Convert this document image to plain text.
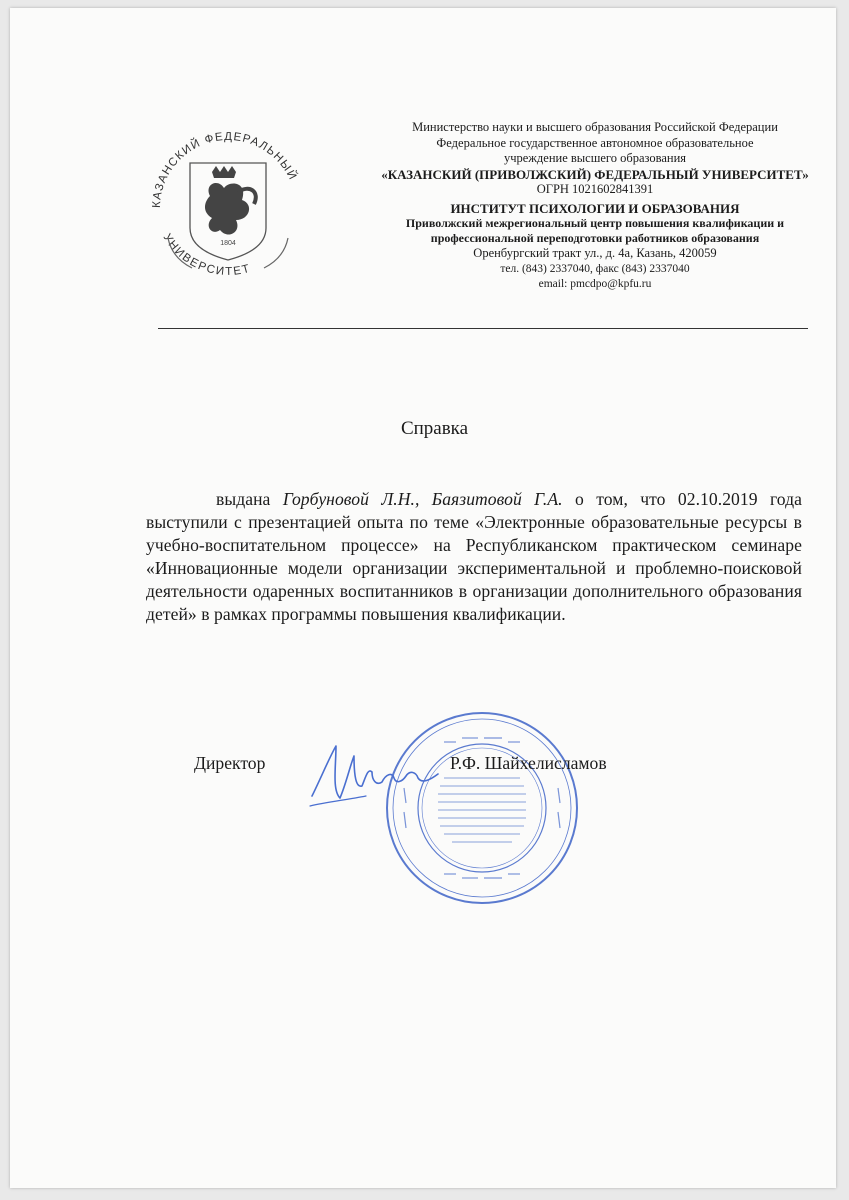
КАЗАНСКИЙ ФЕДЕРАЛЬНЫЙ
УНИВЕРСИТЕТ
1804
Министерство науки и высшего образования Российской Федерации
Федеральное государственное автономное образовательное
учреждение высшего образования
«КАЗАНСКИЙ (ПРИВОЛЖСКИЙ) ФЕДЕРАЛЬНЫЙ УНИВЕРСИТЕТ»
ОГРН 1021602841391
ИНСТИТУТ ПСИХОЛОГИИ И ОБРАЗОВАНИЯ
Приволжский межрегиональный центр повышения квалификации и
профессиональной переподготовки работников образования
Оренбургский тракт ул., д. 4а, Казань, 420059
тел. (843) 2337040, факс (843) 2337040
email: pmcdpo@kpfu.ru
Справка
выдана Горбуновой Л.Н., Баязитовой Г.А. о том, что 02.10.2019 года выступили с презентацией опыта по теме «Электронные образовательные ресурсы в учебно-воспитательном процессе» на Республиканском практическом семинаре «Инновационные модели организации экспериментальной и проблемно-поисковой деятельности одаренных воспитанников в организации дополнительного образования детей» в рамках программы повышения квалификации.
Директор	Р.Ф. Шайхелисламов
